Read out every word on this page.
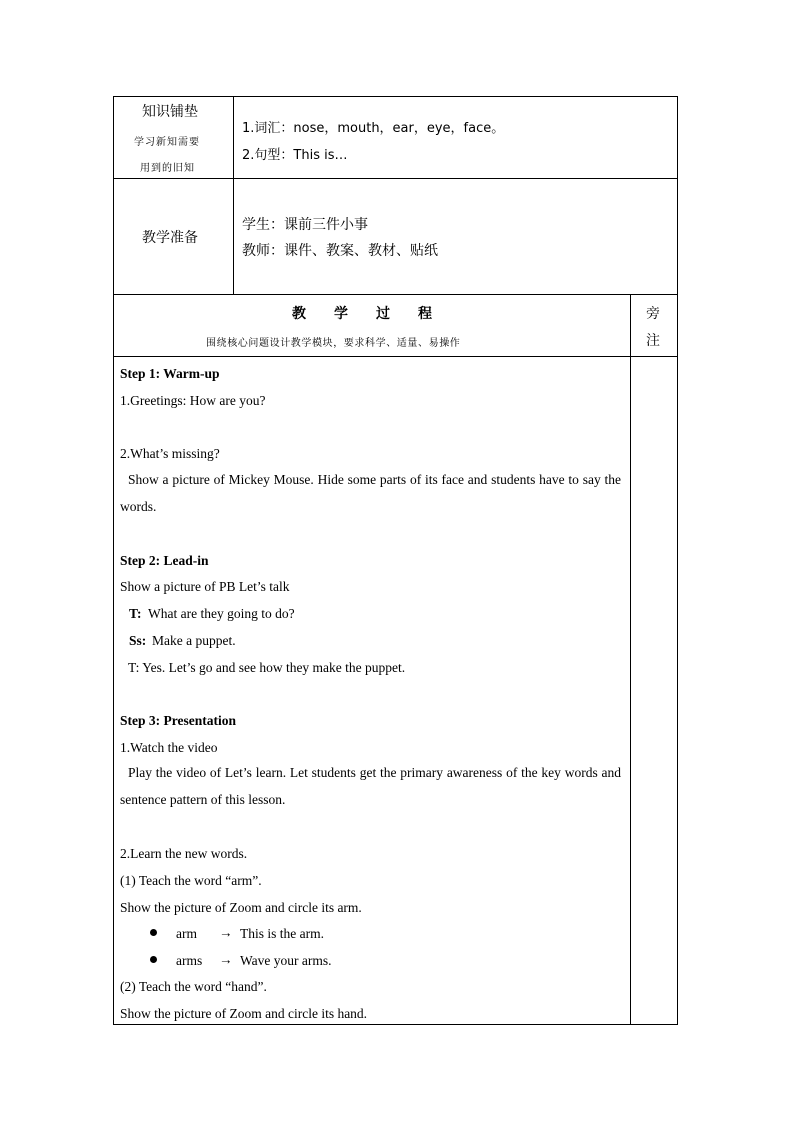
知识铺垫
学习新知需要
用到的旧知
1.词汇：nose，mouth，ear，eye，face。
2.句型：This is…
教学准备
学生：课前三件小事
教师：课件、教案、教材、贴纸
教　　学　　过　　程
围绕核心问题设计教学模块，要求科学、适量、易操作
旁
注
Step 1: Warm-up
1.Greetings: How are you?
2.What’s missing?
Show a picture of Mickey Mouse. Hide some parts of its face and students have to say the words.
Step 2: Lead-in
Show a picture of PB Let’s talk
T: What are they going to do?
Ss: Make a puppet.
T: Yes. Let’s go and see how they make the puppet.
Step 3: Presentation
1.Watch the video
Play the video of Let’s learn. Let students get the primary awareness of the key words and sentence pattern of this lesson.
2.Learn the new words.
(1) Teach the word “arm”.
Show the picture of Zoom and circle its arm.
arm → This is the arm.
arms → Wave your arms.
(2) Teach the word “hand”.
Show the picture of Zoom and circle its hand.
